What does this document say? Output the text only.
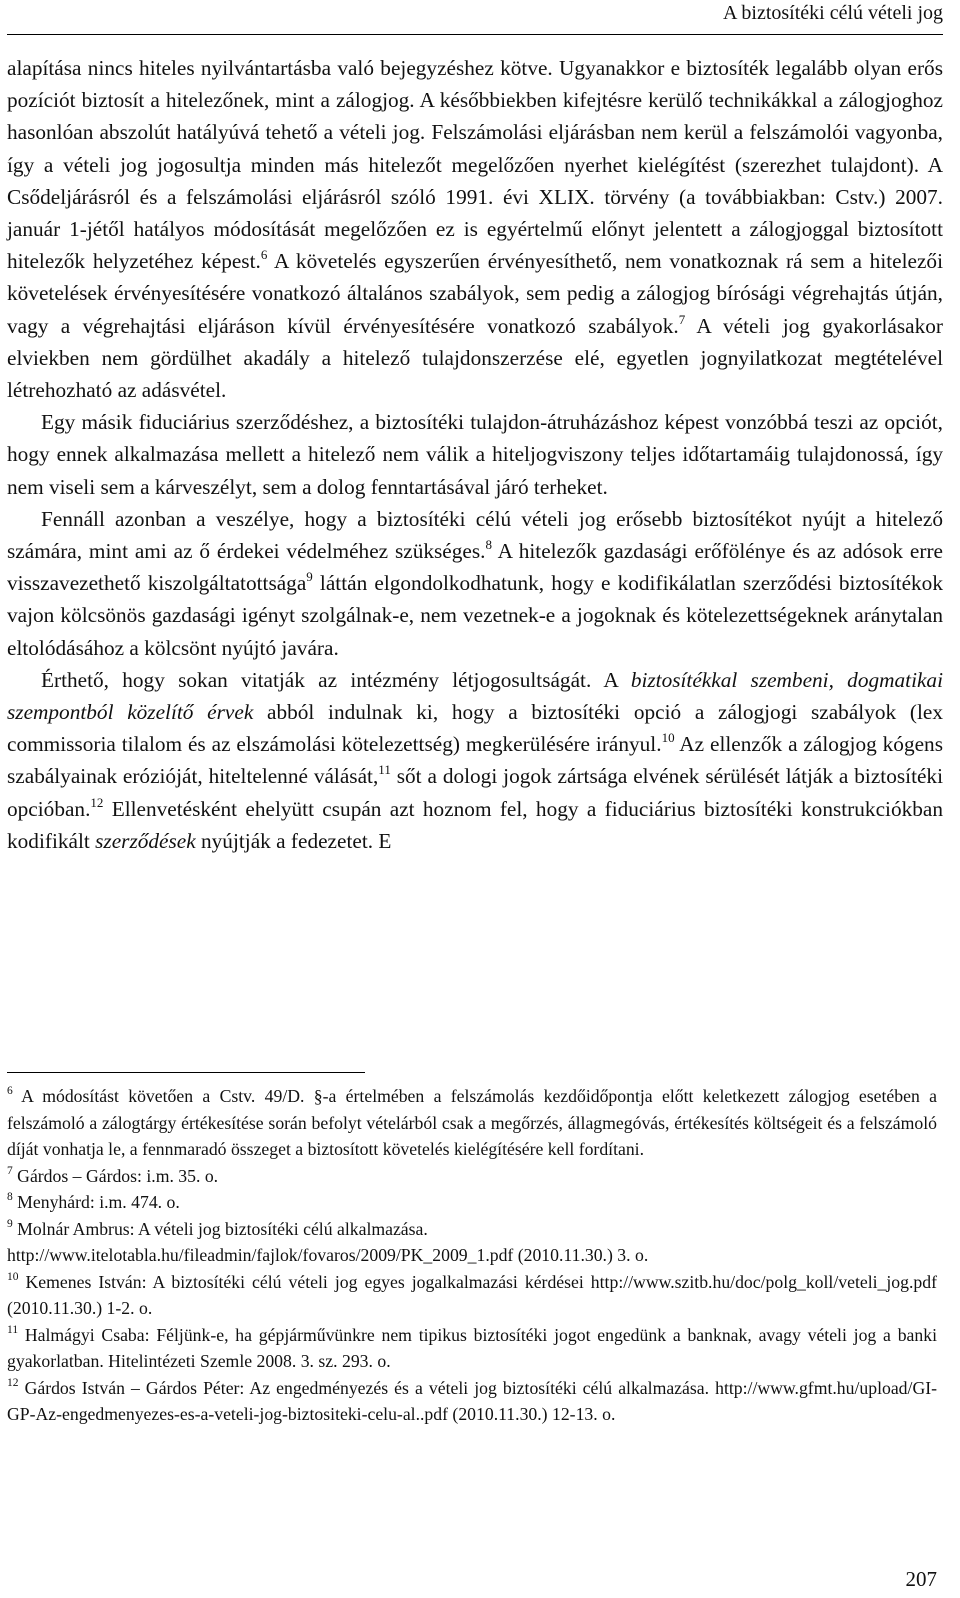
A biztosítéki célú vételi jog

alapítása nincs hiteles nyilvántartásba való bejegyzéshez kötve. Ugyanakkor e biztosíték legalább olyan erős pozíciót biztosít a hitelezőnek, mint a zálogjog. A későbbiekben kifejtésre kerülő technikákkal a zálogjoghoz hasonlóan abszolút hatályúvá tehető a vételi jog. Felszámolási eljárásban nem kerül a felszámolói vagyonba, így a vételi jog jogosultja minden más hitelezőt megelőzően nyerhet kielégítést (szerezhet tulajdont). A Csődeljárásról és a felszámolási eljárásról szóló 1991. évi XLIX. törvény (a továbbiakban: Cstv.) 2007. január 1-jétől hatályos módosítását megelőzően ez is egyértelmű előnyt jelentett a zálogjoggal biztosított hitelezők helyzetéhez képest.$^6$ A követelés egyszerűen érvényesíthető, nem vonatkoznak rá sem a hitelezői követelések érvényesítésére vonatkozó általános szabályok, sem pedig a zálogjog bírósági végrehajtás útján, vagy a végrehajtási eljáráson kívül érvényesítésére vonatkozó szabályok.$^7$ A vételi jog gyakorlásakor elviekben nem gördülhet akadály a hitelező tulajdonszerzése elé, egyetlen jognyilatkozat megtételével létrehozható az adásvétel.

Egy másik fiduciárius szerződéshez, a biztosítéki tulajdon-átruházáshoz képest vonzóbbá teszi az opciót, hogy ennek alkalmazása mellett a hitelező nem válik a hiteljogviszony teljes időtartamáig tulajdonossá, így nem viseli sem a kárveszélyt, sem a dolog fenntartásával járó terheket.

Fennáll azonban a veszélye, hogy a biztosítéki célú vételi jog erősebb biztosítékot nyújt a hitelező számára, mint ami az ő érdekei védelméhez szükséges.$^8$ A hitelezők gazdasági erőfölénye és az adósok erre visszavezethető kiszolgáltatottsága$^9$ láttán elgondolkodhatunk, hogy e kodifikálatlan szerződési biztosítékok vajon kölcsönös gazdasági igényt szolgálnak-e, nem vezetnek-e a jogoknak és kötelezettségeknek aránytalan eltolódásához a kölcsönt nyújtó javára.

Érthető, hogy sokan vitatják az intézmény létjogosultságát. A biztosítékkal szembeni, dogmatikai szempontból közelítő érvek abból indulnak ki, hogy a biztosítéki opció a zálogjogi szabályok (lex commissoria tilalom és az elszámolási kötelezettség) megkerülésére irányul.$^{10}$ Az ellenzők a zálogjog kógens szabályainak erózióját, hiteltelenné válását,$^{11}$ sőt a dologi jogok zártsága elvének sérülését látják a biztosítéki opcióban.$^{12}$ Ellenvetésként ehelyütt csupán azt hoznom fel, hogy a fiduciárius biztosítéki konstrukciókban kodifikált szerződések nyújtják a fedezetet. E

$^6$ A módosítást követően a Cstv. 49/D. §-a értelmében a felszámolás kezdőidőpontja előtt keletkezett zálogjog esetében a felszámoló a zálogtárgy értékesítése során befolyt vételárból csak a megőrzés, állagmegóvás, értékesítés költségeit és a felszámoló díját vonhatja le, a fennmaradó összeget a biztosított követelés kielégítésére kell fordítani.

$^7$ Gárdos – Gárdos: i.m. 35. o.

$^8$ Menyhárd: i.m. 474. o.

$^9$ Molnár Ambrus: A vételi jog biztosítéki célú alkalmazása.
http://www.itelotabla.hu/fileadmin/fajlok/fovaros/2009/PK_2009_1.pdf (2010.11.30.) 3. o.

$^{10}$ Kemenes István: A biztosítéki célú vételi jog egyes jogalkalmazási kérdései http://www.szitb.hu/doc/polg_koll/veteli_jog.pdf (2010.11.30.) 1-2. o.

$^{11}$ Halmágyi Csaba: Féljünk-e, ha gépjárművünkre nem tipikus biztosítéki jogot engedünk a banknak, avagy vételi jog a banki gyakorlatban. Hitelintézeti Szemle 2008. 3. sz. 293. o.

$^{12}$ Gárdos István – Gárdos Péter: Az engedményezés és a vételi jog biztosítéki célú alkalmazása. http://www.gfmt.hu/upload/GI-GP-Az-engedmenyezes-es-a-veteli-jog-biztositeki-celu-al..pdf (2010.11.30.) 12-13. o.

207
